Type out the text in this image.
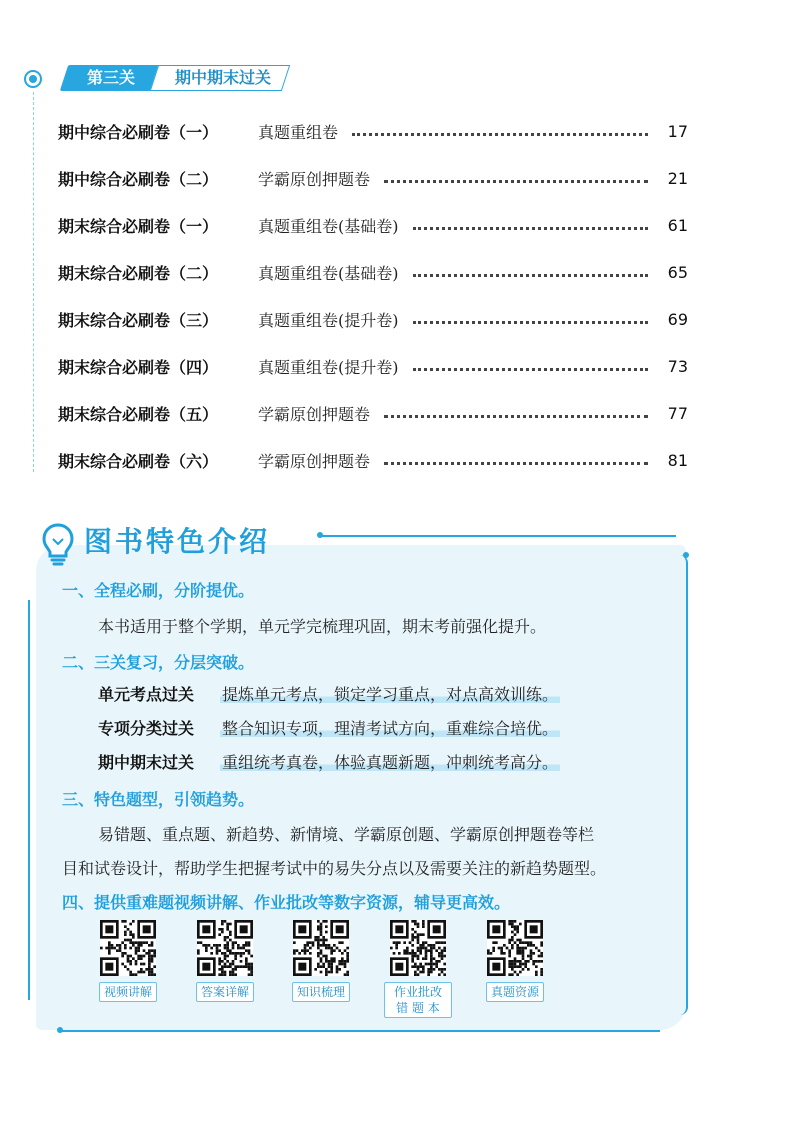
第三关	期中期末过关
期中综合必刷卷（一）	真题重组卷	17
期中综合必刷卷（二）	学霸原创押题卷	21
期末综合必刷卷（一）	真题重组卷(基础卷)	61
期末综合必刷卷（二）	真题重组卷(基础卷)	65
期末综合必刷卷（三）	真题重组卷(提升卷)	69
期末综合必刷卷（四）	真题重组卷(提升卷)	73
期末综合必刷卷（五）	学霸原创押题卷	77
期末综合必刷卷（六）	学霸原创押题卷	81
图书特色介绍
一、全程必刷，分阶提优。
本书适用于整个学期，单元学完梳理巩固，期末考前强化提升。
二、三关复习，分层突破。
单元考点过关	提炼单元考点，锁定学习重点，对点高效训练。
专项分类过关	整合知识专项，理清考试方向，重难综合培优。
期中期末过关	重组统考真卷，体验真题新题，冲刺统考高分。
三、特色题型，引领趋势。
易错题、重点题、新趋势、新情境、学霸原创题、学霸原创押题卷等栏
目和试卷设计，帮助学生把握考试中的易失分点以及需要关注的新趋势题型。
四、提供重难题视频讲解、作业批改等数字资源，辅导更高效。
视频讲解	答案详解	知识梳理	作业批改
错 题 本
真题资源
